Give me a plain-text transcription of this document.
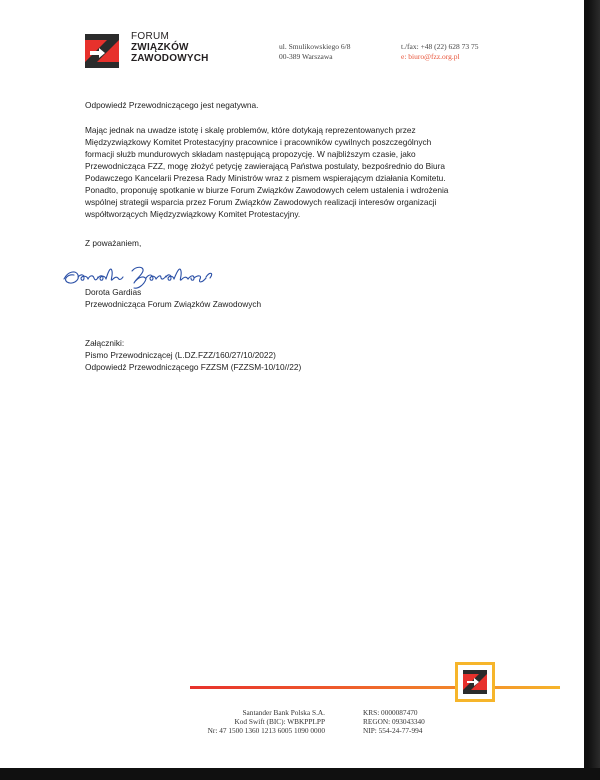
FORUM
ZWIĄZKÓW
ZAWODOWYCH
ul. Smulikowskiego 6/8
00-389 Warszawa
t./fax: +48 (22) 628 73 75
e: biuro@fzz.org.pl
Odpowiedź Przewodniczącego jest negatywna.
Mając jednak na uwadze istotę i skalę problemów, które dotykają reprezentowanych przez
Międzyzwiązkowy Komitet Protestacyjny pracownice i pracowników cywilnych poszczególnych
formacji służb mundurowych składam następującą propozycję. W najbliższym czasie, jako
Przewodnicząca FZZ, mogę złożyć petycję zawierającą Państwa postulaty, bezpośrednio do Biura
Podawczego Kancelarii Prezesa Rady Ministrów wraz z pismem wspierającym działania Komitetu.
Ponadto, proponuję spotkanie w biurze Forum Związków Zawodowych celem ustalenia i wdrożenia
wspólnej strategii wsparcia przez Forum Związków Zawodowych realizacji interesów organizacji
współtworzących Międzyzwiązkowy Komitet Protestacyjny.
Z poważaniem,
Dorota Gardias
Przewodnicząca Forum Związków Zawodowych
Załączniki:
Pismo Przewodniczącej (L.DZ.FZZ/160/27/10/2022)
Odpowiedź Przewodniczącego FZZSM (FZZSM-10/10//22)
Santander Bank Polska S.A.
Kod Swift (BIC): WBKPPLPP
Nr: 47 1500 1360 1213 6005 1090 0000
KRS: 0000087470
REGON: 093043340
NIP: 554-24-77-994
